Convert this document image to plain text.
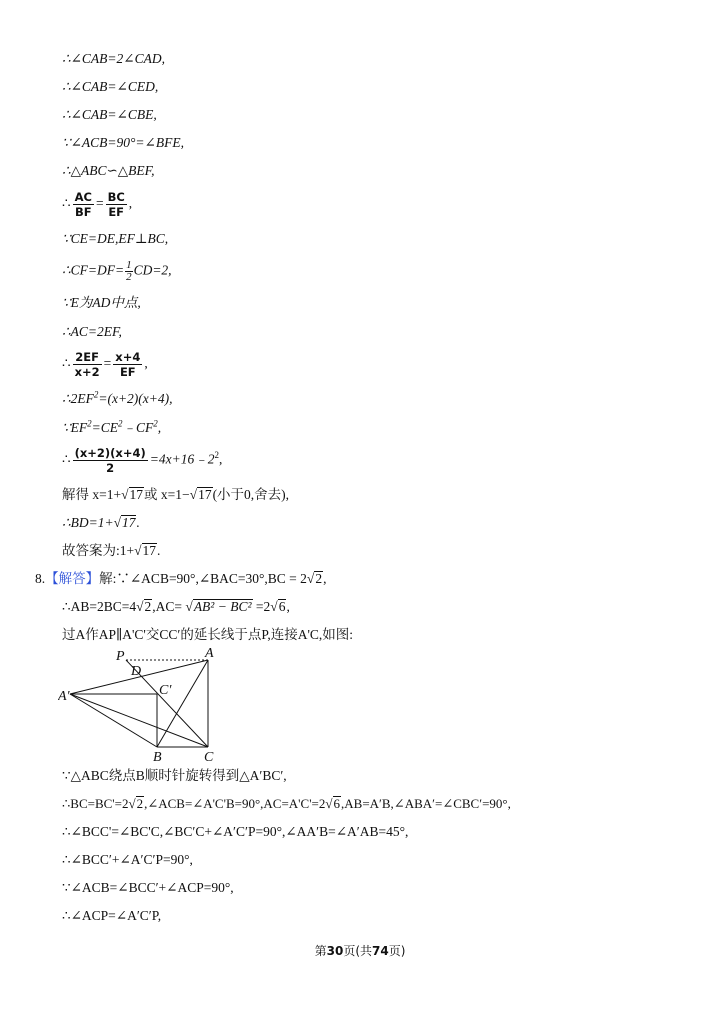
∴∠CAB=2∠CAD,
∴∠CAB=∠CED,
∴∠CAB=∠CBE,
∵∠ACB=90°=∠BFE,
∴△ABC∽△BEF,
∴ $\frac{AC}{BF} = \frac{BC}{EF}$ ,
∵CE=DE,EF⊥BC,
∴CF=DF= $\frac{1}{2} CD=2$,
∵E为AD中点,
∴AC=2EF,
∴ $\frac{2EF}{x+2} = \frac{x+4}{EF}$ ,
$\therefore 2EF^2=(x+2)(x+4)$,
$\because EF^2=CE^2﹣CF^2$,
∴ $\frac{(x+2)(x+4)}{2}$ $=4x+16﹣2^2$,
解得 x=1+√17或 x=1−√17(小于0,舍去),
∴BD=1+√17.
故答案为:1+√17.
8.【解答】解:∵∠ACB=90°,∠BAC=30°,BC = 2√2,
∴AB=2BC=4√2,AC= √AB² − BC² =2√6,
过A作AP∥A'C'交CC′的延长线于点P,连接A'C,如图:
P	A
D
C′
A′
B	C
∵△ABC绕点B顺时针旋转得到△A′BC′,
∴BC=BC'=2√2,∠ACB=∠A'C'B=90°,AC=A'C'=2√6,AB=A′B,∠ABA′=∠CBC′=90°,
∴∠BCC'=∠BC'C,∠BC′C+∠A′C′P=90°,∠AA′B=∠A′AB=45°,
∴∠BCC′+∠A′C′P=90°,
∵∠ACB=∠BCC′+∠ACP=90°,
∴∠ACP=∠A′C′P,
第30页(共74页)
